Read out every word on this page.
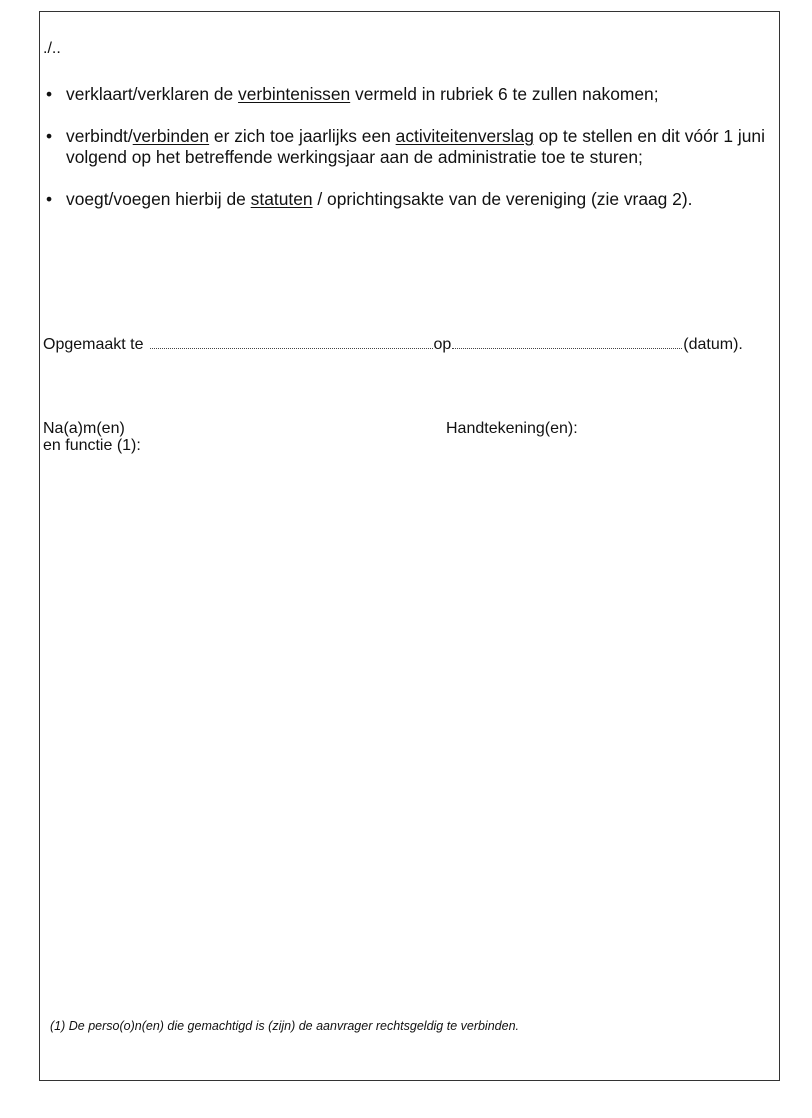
./..
• verklaart/verklaren de verbintenissen vermeld in rubriek 6 te zullen nakomen;
• verbindt/verbinden er zich toe jaarlijks een activiteitenverslag op te stellen en dit vóór 1 juni volgend op het betreffende werkingsjaar aan de administratie toe te sturen;
• voegt/voegen hierbij de statuten / oprichtingsakte van de vereniging (zie vraag 2).
Opgemaakt te	op	(datum).
Na(a)m(en)
en functie (1):
Handtekening(en):
(1) De perso(o)n(en) die gemachtigd is (zijn) de aanvrager rechtsgeldig te verbinden.
